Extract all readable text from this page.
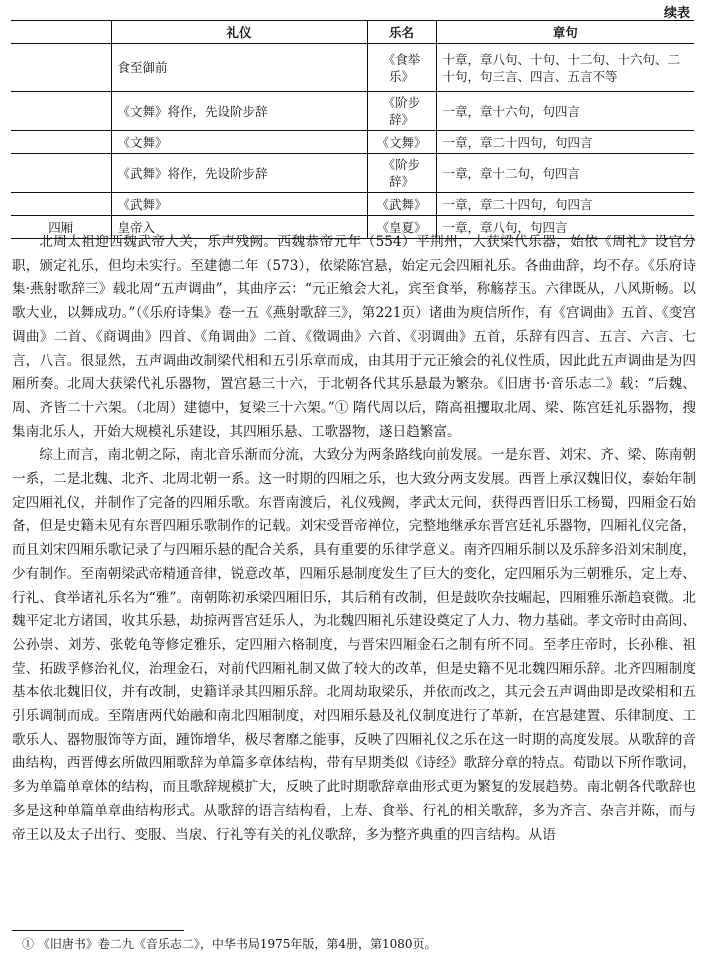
续表
	礼仪	乐名	章句
	食至御前	《食举乐》	十章，章八句、十句、十二句、十六句、二十句，句三言、四言、五言不等
	《文舞》将作，先设阶步辞	《阶步辞》	一章，章十六句，句四言
	《文舞》	《文舞》	一章，章二十四句，句四言
	《武舞》将作，先设阶步辞	《阶步辞》	一章，章十二句，句四言
	《武舞》	《武舞》	一章，章二十四句，句四言
四厢	皇帝入	《皇夏》	一章，章八句，句四言

北周太祖迎西魏武帝人关，乐声残阙。西魏恭帝元年（554）平荆州，大获梁代乐器，始依《周礼》设官分职，颁定礼乐，但均未实行。至建德二年（573），依梁陈宫悬，始定元会四厢礼乐。各曲曲辞，均不存。《乐府诗集·燕射歌辞三》载北周“五声调曲”，其曲序云：“元正飨会大礼，宾至食举，称觞荐玉。六律既从，八风斯畅。以歌大业，以舞成功。”（《乐府诗集》卷一五《燕射歌辞三》，第221页）诸曲为庾信所作，有《宫调曲》五首、《变宫调曲》二首、《商调曲》四首、《角调曲》二首、《徵调曲》六首、《羽调曲》五首，乐辞有四言、五言、六言、七言，八言。很显然，五声调曲改制梁代相和五引乐章而成，由其用于元正飨会的礼仪性质，因此此五声调曲是为四厢所奏。北周大获梁代礼乐器物，置宫悬三十六，于北朝各代其乐悬最为繁杂。《旧唐书·音乐志二》载：“后魏、周、齐皆二十六架。（北周）建德中，复梁三十六架。”① 隋代周以后，隋高祖攫取北周、梁、陈宫廷礼乐器物，搜集南北乐人，开始大规模礼乐建设，其四厢乐悬、工歌器物，遂日趋繁富。

综上而言，南北朝之际，南北音乐渐而分流，大致分为两条路线向前发展。一是东晋、刘宋、齐、梁、陈南朝一系，二是北魏、北齐、北周北朝一系。这一时期的四厢之乐，也大致分两支发展。西晋上承汉魏旧仪，泰始年制定四厢礼仪，并制作了完备的四厢乐歌。东晋南渡后，礼仪残阙，孝武太元间，获得西晋旧乐工杨蜀，四厢金石始备，但是史籍未见有东晋四厢乐歌制作的记载。刘宋受晋帝禅位，完整地继承东晋宫廷礼乐器物，四厢礼仪完备，而且刘宋四厢乐歌记录了与四厢乐悬的配合关系，具有重要的乐律学意义。南齐四厢乐制以及乐辞多沿刘宋制度，少有制作。至南朝梁武帝精通音律，锐意改革，四厢乐悬制度发生了巨大的变化，定四厢乐为三朝雅乐，定上寿、行礼、食举诸礼乐名为“雅”。南朝陈初承梁四厢旧乐，其后稍有改制，但是鼓吹杂技崛起，四厢雅乐渐趋衰微。北魏平定北方诸国，收其乐悬，劫掠两晋宫廷乐人，为北魏四厢礼乐建设奠定了人力、物力基础。孝文帝时由高闾、公孙崇、刘芳、张乾龟等修定雅乐，定四厢六格制度，与晋宋四厢金石之制有所不同。至孝庄帝时，长孙稚、祖莹、拓跋孚修治礼仪，治理金石，对前代四厢礼制又做了较大的改革，但是史籍不见北魏四厢乐辞。北齐四厢制度基本依北魏旧仪，并有改制，史籍详录其四厢乐辞。北周劫取梁乐，并依而改之，其元会五声调曲即是改梁相和五引乐调制而成。至隋唐两代始融和南北四厢制度，对四厢乐悬及礼仪制度进行了革新，在宫悬建置、乐律制度、工歌乐人、器物服饰等方面，踵饰增华，极尽奢靡之能事，反映了四厢礼仪之乐在这一时期的高度发展。从歌辞的音曲结构，西晋傅玄所做四厢歌辞为单篇多章体结构，带有早期类似《诗经》歌辞分章的特点。荀勖以下所作歌词，多为单篇单章体的结构，而且歌辞规模扩大，反映了此时期歌辞章曲形式更为繁复的发展趋势。南北朝各代歌辞也多是这种单篇单章曲结构形式。从歌辞的语言结构看，上寿、食举、行礼的相关歌辞，多为齐言、杂言并陈，而与帝王以及太子出行、变服、当扆、行礼等有关的礼仪歌辞，多为整齐典重的四言结构。从语

① 《旧唐书》卷二九《音乐志二》，中华书局1975年版，第4册，第1080页。
